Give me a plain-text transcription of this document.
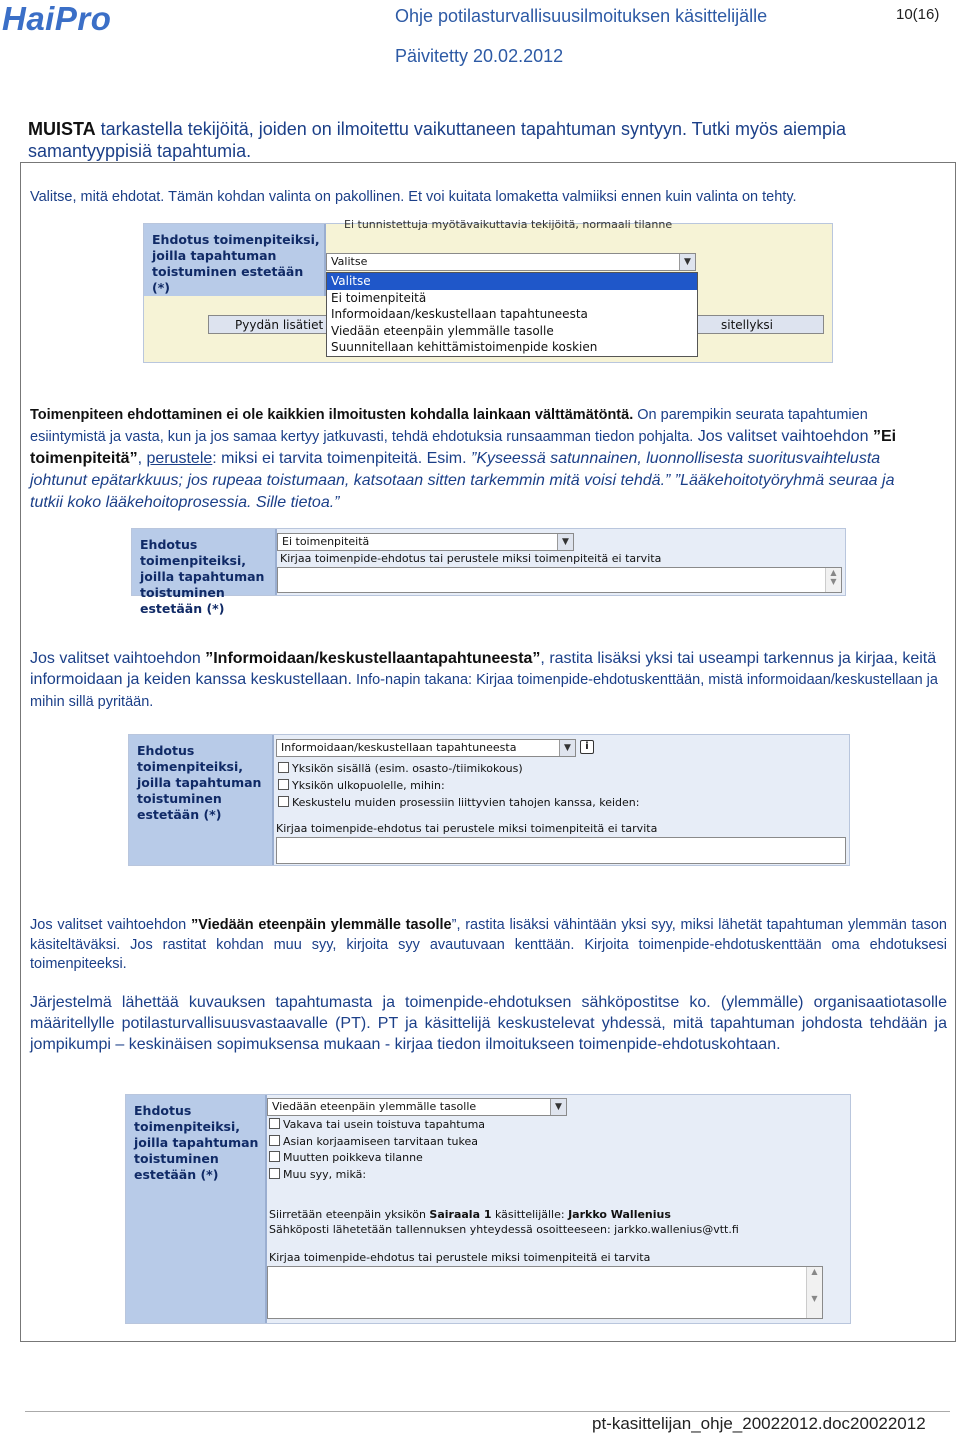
HaiPro	Ohje potilasturvallisuusilmoituksen käsittelijälle	10(16)
Päivitetty 20.02.2012
MUISTA tarkastella tekijöitä, joiden on ilmoitettu vaikuttaneen tapahtuman syntyyn. Tutki myös aiempia samantyyppisiä tapahtumia.
Valitse, mitä ehdotat. Tämän kohdan valinta on pakollinen. Et voi kuitata lomaketta valmiiksi ennen kuin valinta on tehty.
Ehdotus toimenpiteiksi, joilla tapahtuman toistuminen estetään (*)
Ei tunnistettuja myötävaikuttavia tekijöitä, normaali tilanne
Valitse	▼
Pyydän lisätiet	sitellyksi
Valitse
Ei toimenpiteitä
Informoidaan/keskustellaan tapahtuneesta
Viedään eteenpäin ylemmälle tasolle
Suunnitellaan kehittämistoimenpide koskien
Toimenpiteen ehdottaminen ei ole kaikkien ilmoitusten kohdalla lainkaan välttämätöntä. On parempikin seurata tapahtumien esiintymistä ja vasta, kun ja jos samaa kertyy jatkuvasti, tehdä ehdotuksia runsaamman tiedon pohjalta. Jos valitset vaihtoehdon ”Ei toimenpiteitä”, perustele: miksi ei tarvita toimenpiteitä. Esim. ”Kyseessä satunnainen, luonnollisesta suoritusvaihtelusta johtunut epätarkkuus; jos rupeaa toistumaan, katsotaan sitten tarkemmin mitä voisi tehdä.” ”Lääkehoitotyöryhmä seuraa ja tutkii koko lääkehoitoprosessia. Sille tietoa.”
Ehdotus toimenpiteiksi, joilla tapahtuman toistuminen estetään (*)
Ei toimenpiteitä	▼
Kirjaa toimenpide-ehdotus tai perustele miksi toimenpiteitä ei tarvita
▲
▼
Jos valitset vaihtoehdon ”Informoidaan/keskustellaantapahtuneesta”, rastita lisäksi yksi tai useampi tarkennus ja kirjaa, keitä informoidaan ja keiden kanssa keskustellaan. Info-napin takana: Kirjaa toimenpide-ehdotuskenttään, mistä informoidaan/keskustellaan ja mihin sillä pyritään.
Ehdotus toimenpiteiksi, joilla tapahtuman toistuminen estetään (*)
Informoidaan/keskustellaan tapahtuneesta	▼	i
Yksikön sisällä (esim. osasto-/tiimikokous)
Yksikön ulkopuolelle, mihin:
Keskustelu muiden prosessiin liittyvien tahojen kanssa, keiden:
Kirjaa toimenpide-ehdotus tai perustele miksi toimenpiteitä ei tarvita
Jos valitset vaihtoehdon ”Viedään eteenpäin ylemmälle tasolle”, rastita lisäksi vähintään yksi syy, miksi lähetät tapahtuman ylemmän tason käsiteltäväksi. Jos rastitat kohdan muu syy, kirjoita syy avautuvaan kenttään. Kirjoita toimenpide-ehdotuskenttään oma ehdotuksesi toimenpiteeksi.
Järjestelmä lähettää kuvauksen tapahtumasta ja toimenpide-ehdotuksen sähköpostitse ko. (ylemmälle) organisaatiotasolle määritellylle potilasturvallisuusvastaavalle (PT). PT ja käsittelijä keskustelevat yhdessä, mitä tapahtuman johdosta tehdään ja jompikumpi – keskinäisen sopimuksensa mukaan - kirjaa tiedon ilmoitukseen toimenpide-ehdotuskohtaan.
Ehdotus toimenpiteiksi, joilla tapahtuman toistuminen estetään (*)
Viedään eteenpäin ylemmälle tasolle	▼
Vakava tai usein toistuva tapahtuma
Asian korjaamiseen tarvitaan tukea
Muutten poikkeva tilanne
Muu syy, mikä:
Siirretään eteenpäin yksikön Sairaala 1 käsittelijälle: Jarkko Wallenius
Sähköposti lähetetään tallennuksen yhteydessä osoitteeseen: jarkko.wallenius@vtt.fi
Kirjaa toimenpide-ehdotus tai perustele miksi toimenpiteitä ei tarvita
▲

▼
pt-kasittelijan_ohje_20022012.doc20022012
